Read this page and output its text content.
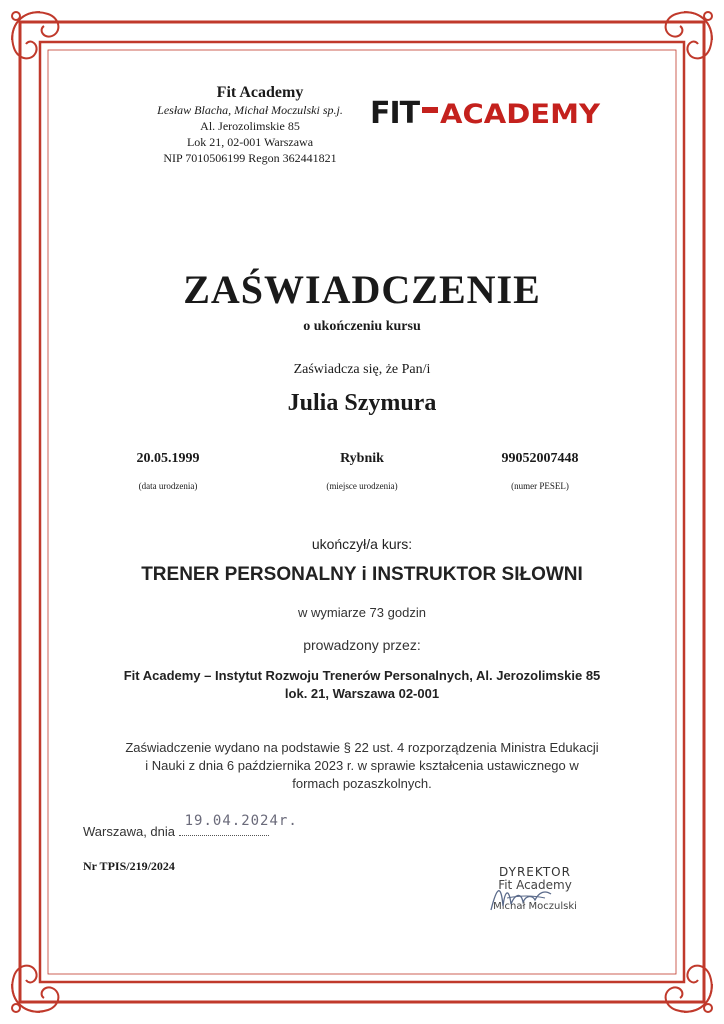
Fit Academy
Lesław Blacha, Michał Moczulski sp.j.
Al. Jerozolimskie 85
Lok 21, 02-001 Warszawa
NIP 7010506199 Regon 362441821
FIT ACADEMY
ZAŚWIADCZENIE
o ukończeniu kursu
Zaświadcza się, że Pan/i
Julia Szymura
20.05.1999
(data urodzenia)
Rybnik
(miejsce urodzenia)
99052007448
(numer PESEL)
ukończył/a kurs:
TRENER PERSONALNY i INSTRUKTOR SIŁOWNI
w wymiarze 73 godzin
prowadzony przez:
Fit Academy – Instytut Rozwoju Trenerów Personalnych, Al. Jerozolimskie 85
lok. 21, Warszawa 02-001
Zaświadczenie wydano na podstawie § 22 ust. 4 rozporządzenia Ministra Edukacji
i Nauki z dnia 6 października 2023 r. w sprawie kształcenia ustawicznego w
formach pozaszkolnych.
Warszawa, dnia
19.04.2024r.
Nr TPIS/219/2024	DYREKTOR
Fit Academy
Michał Moczulski
